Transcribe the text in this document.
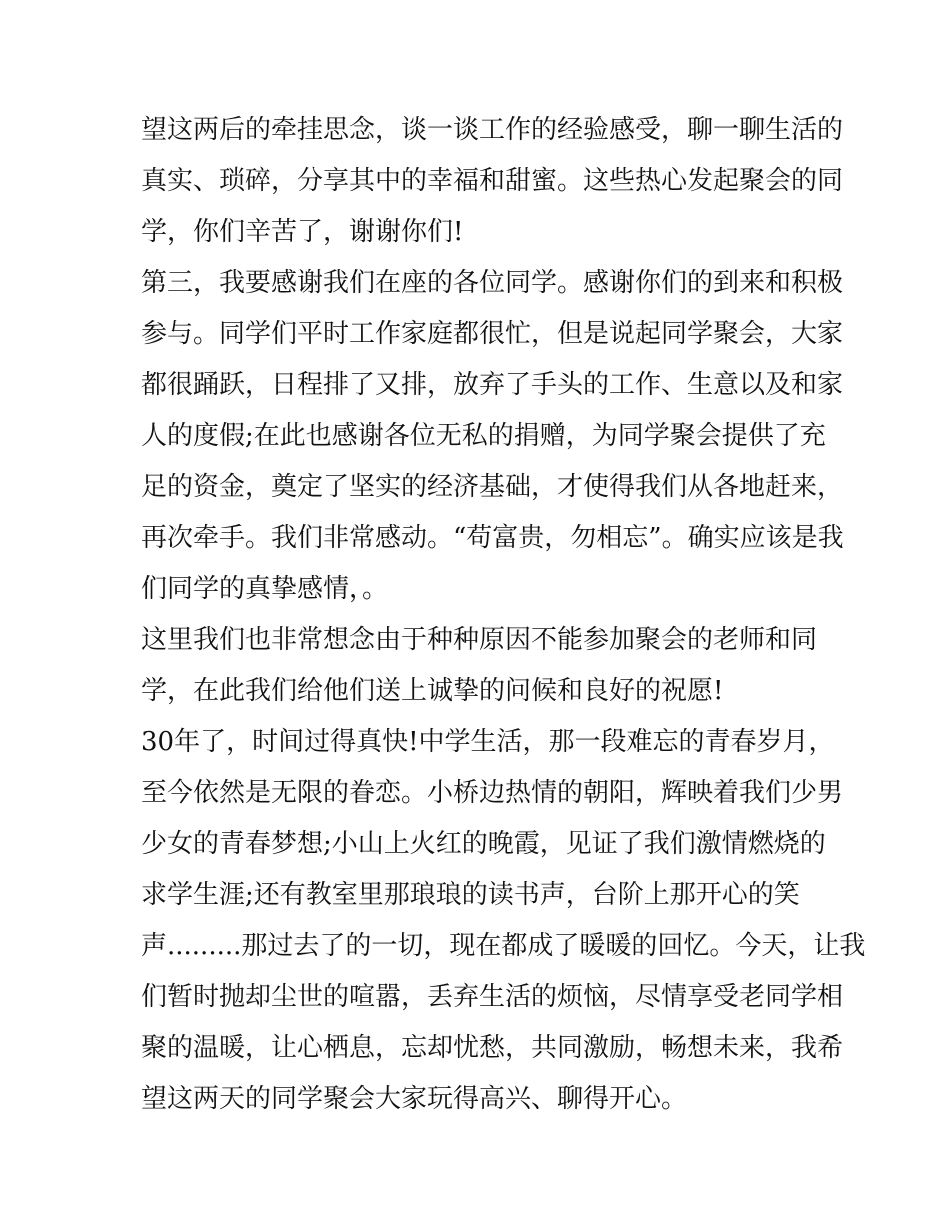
望这两后的牵挂思念，谈一谈工作的经验感受，聊一聊生活的
真实、琐碎，分享其中的幸福和甜蜜。这些热心发起聚会的同
学，你们辛苦了，谢谢你们!
第三，我要感谢我们在座的各位同学。感谢你们的到来和积极
参与。同学们平时工作家庭都很忙，但是说起同学聚会，大家
都很踊跃，日程排了又排，放弃了手头的工作、生意以及和家
人的度假;在此也感谢各位无私的捐赠，为同学聚会提供了充
足的资金，奠定了坚实的经济基础，才使得我们从各地赶来，
再次牵手。我们非常感动。“苟富贵，勿相忘”。确实应该是我
们同学的真挚感情，。
这里我们也非常想念由于种种原因不能参加聚会的老师和同
学，在此我们给他们送上诚挚的问候和良好的祝愿!
30年了，时间过得真快!中学生活，那一段难忘的青春岁月，
至今依然是无限的眷恋。小桥边热情的朝阳，辉映着我们少男
少女的青春梦想;小山上火红的晚霞，见证了我们激情燃烧的
求学生涯;还有教室里那琅琅的读书声，台阶上那开心的笑
声.........那过去了的一切，现在都成了暖暖的回忆。今天，让我
们暂时抛却尘世的喧嚣，丢弃生活的烦恼，尽情享受老同学相
聚的温暖，让心栖息，忘却忧愁，共同激励，畅想未来，我希
望这两天的同学聚会大家玩得高兴、聊得开心。
